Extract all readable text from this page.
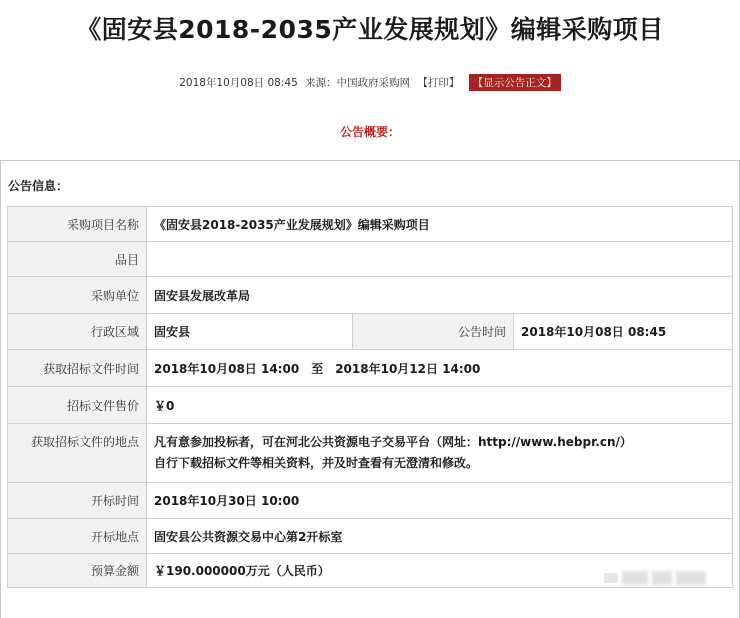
《固安县2018-2035产业发展规划》编辑采购项目
2018年10月08日 08:45 来源：中国政府采购网 【打印】 【显示公告正文】
公告概要：
公告信息：
采购项目名称	《固安县2018-2035产业发展规划》编辑采购项目		
品目			
采购单位	固安县发展改革局		
行政区域	固安县	公告时间	2018年10月08日 08:45
获取招标文件时间	2018年10月08日 14:00 至 2018年10月12日 14:00		
招标文件售价	￥0		
获取招标文件的地点	凡有意参加投标者，可在河北公共资源电子交易平台（网址：http://www.hebpr.cn/）
自行下载招标文件等相关资料，并及时查看有无澄清和修改。		

开标时间	2018年10月30日 10:00		
开标地点	固安县公共资源交易中心第2开标室		
预算金额	￥190.000000万元（人民币）		
